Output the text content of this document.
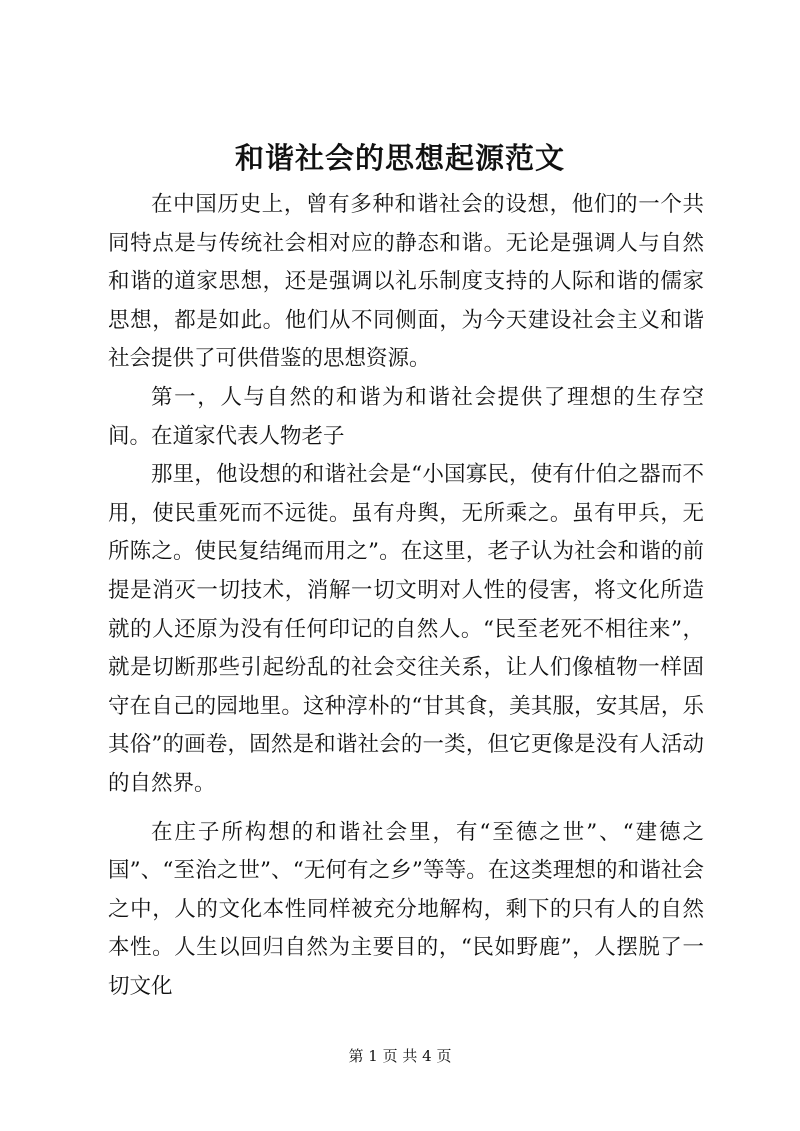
和谐社会的思想起源范文

在中国历史上，曾有多种和谐社会的设想，他们的一个共同特点是与传统社会相对应的静态和谐。无论是强调人与自然和谐的道家思想，还是强调以礼乐制度支持的人际和谐的儒家思想，都是如此。他们从不同侧面，为今天建设社会主义和谐社会提供了可供借鉴的思想资源。

第一，人与自然的和谐为和谐社会提供了理想的生存空间。在道家代表人物老子

那里，他设想的和谐社会是“小国寡民，使有什伯之器而不用，使民重死而不远徙。虽有舟舆，无所乘之。虽有甲兵，无所陈之。使民复结绳而用之”。在这里，老子认为社会和谐的前提是消灭一切技术，消解一切文明对人性的侵害，将文化所造就的人还原为没有任何印记的自然人。“民至老死不相往来”，就是切断那些引起纷乱的社会交往关系，让人们像植物一样固守在自己的园地里。这种淳朴的“甘其食，美其服，安其居，乐其俗”的画卷，固然是和谐社会的一类，但它更像是没有人活动的自然界。

在庄子所构想的和谐社会里，有“至德之世”、“建德之国”、“至治之世”、“无何有之乡”等等。在这类理想的和谐社会之中，人的文化本性同样被充分地解构，剩下的只有人的自然本性。人生以回归自然为主要目的，“民如野鹿”，人摆脱了一切文化

第 1 页 共 4 页
